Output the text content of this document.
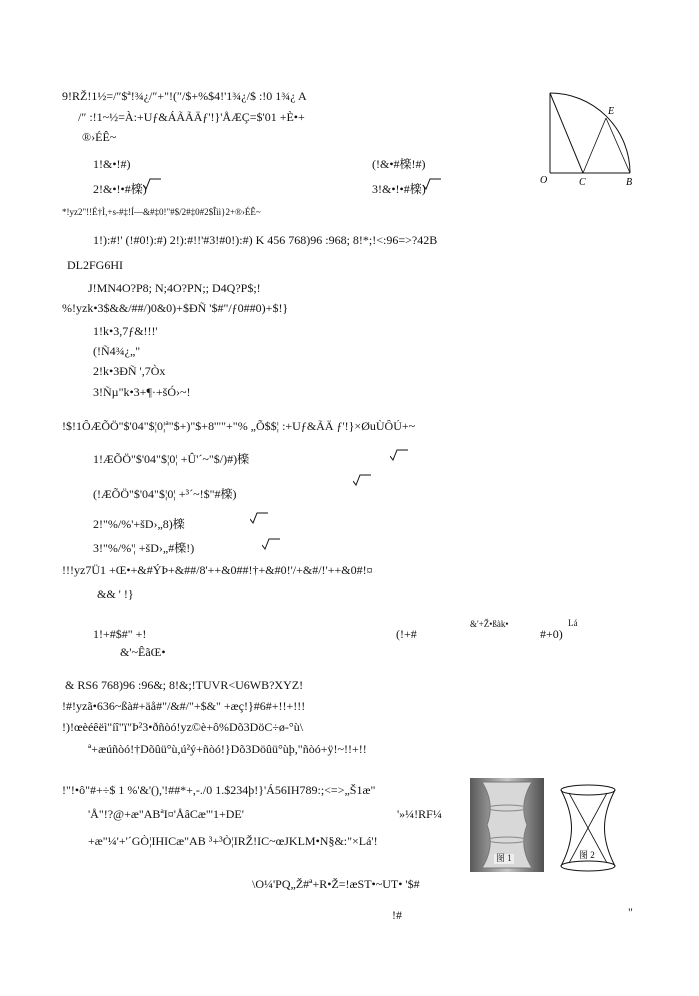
9!RŽ!1½=/″$ª!¾¿/″+"!(″/$+%$4!'1¾¿/$ :!0 1¾¿ A
/″ :!1~½=À:+Uƒ&ÁÃÃÄƒ'!}'ÅÆÇ=$'01 +È•+
®›ÉÊ~
1!&•!#)	(!&•#檪!#)
2!&•!•#檪)	3!&•!•#檪)
*!yz2"!!É†Ì,+s-#‡!Í—&#‡0!"#$/2#‡0#2$Îìì}2+®›ÉÊ~
1!):#!' (!#0!):#) 2!):#!!'#3!#0!):#) K 456 768)96 :968; 8!*;!<:96=>?42B
DL2FG6HI
J!MN4O?P8; N;4O?PN;; D4Q?P$;!
%!yzk•3$&&/##/)0&0)+$ÐÑ '$#"/ƒ0##0)+$!}
1!k•3,7ƒ&!!!'
(!Ñ4¾¿„"
2!k•3ÐÑ ',7Òx
3!Ñµ"k•3+¶·+šÓ›~!
!$!1ÔÆÕÖ"$'04"$¦0¦ª"$+)"$+8'""+"% „Õ$$¦ :+Uƒ&ÃÄ ƒ'!}×ØuÙÔÚ+~
1!ÆÕÖ"$'04"$¦0¦ +Û'´~"$/)#)檪
(!ÆÕÖ"$'04"$¦0¦ +³´~!$"#檪)
2!"%/%'+šD›„8)檪
3!"%/%'¦ +šD›„#檪!)
!!!yz7Ü1 +Œ•+&#ÝÞ+&##/8'++&0##!†+&#0!'/+&#/!'++&0#!¤
&& ' !}
1!+#$#" +!	(!+#	#+0)
&'+Ž•ßàk•	Lá
&'~ÊãŒ•
& RS6 768)96 :96&; 8!&;!TUVR<U6WB?XYZ!
!#!yzã•636~ßà#+äå#"/&#/"+$&" +æç!}#6#+!!+!!!
!)!œèéêëì"íî"ï"Þ²3•ðñòó!yz©è+ô%Dõ3DöC÷ø-°ù\
ª+æúñòó!†Dõûü°ù,ú²ý+ñòó!}Dõ3Döûü°ùþ,"ñòó+ÿ!~!!+!!
!"!•ô"#+÷$ 1 %'&'(),'!##*+,-./0 1.$234þ!}'Á56IH789:;<=>„Š1æ"
'Å"!?@+æ"ABªI¤'ÅâCæ"'1+DE'	'»¼!RF¼
+æ"¼'+'´GÒ¦IHICæ"AB ³+³Ò¦IRŽ!IC~œJKLM•N§&:"×Lá'!
\O¼'PQ„Ž#ª+R•Ž=!æST•~UT• '$#
!#	"
E
O	C	B
图 1	图 2
